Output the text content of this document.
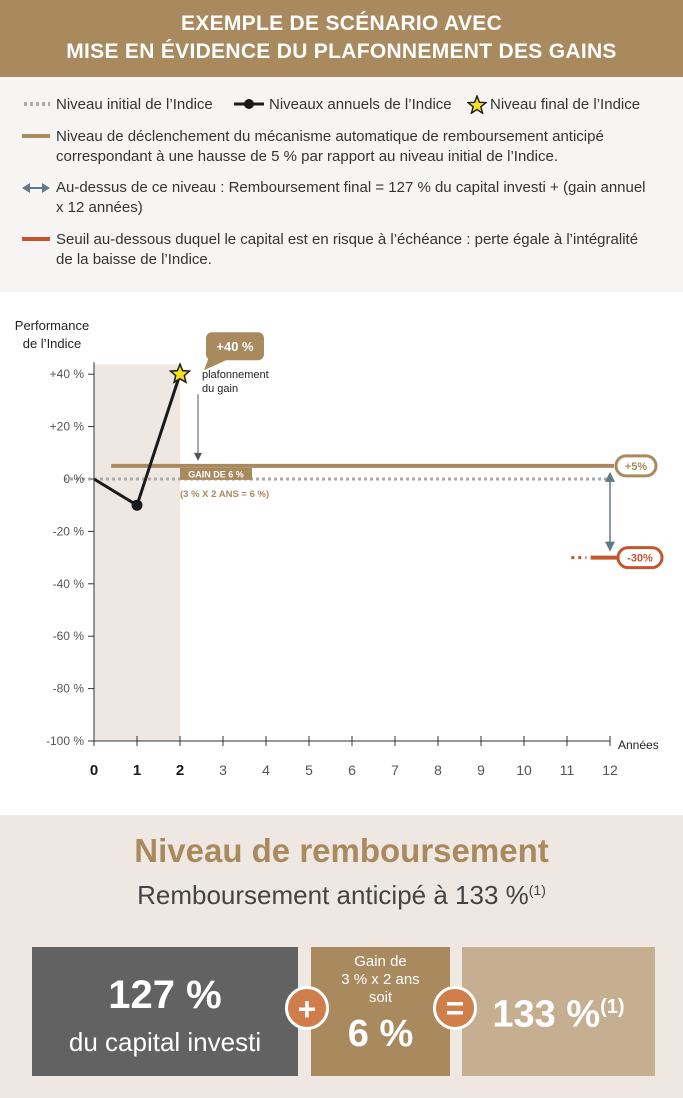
EXEMPLE DE SCÉNARIO AVEC
MISE EN ÉVIDENCE DU PLAFONNEMENT DES GAINS
Niveau initial de l’Indice	Niveaux annuels de l’Indice	Niveau final de l’Indice
Niveau de déclenchement du mécanisme automatique de remboursement anticipé
correspondant à une hausse de 5 % par rapport au niveau initial de l’Indice.
Au-dessus de ce niveau : Remboursement final = 127 % du capital investi + (gain annuel
x 12 années)
Seuil au-dessous duquel le capital est en risque à l’échéance : perte égale à l’intégralité
de la baisse de l’Indice.
Performance
de l’Indice
+40 %
+20 %
0 %
-20 %
-40 %
-60 %
-80 %
-100 %
0 1 2 3	4	5	6	7	8	9 10 11 12
Années
GAIN DE 6 %
(3 % X 2 ANS = 6 %)
+5%
-30%
plafonnement
du gain
+40 %
Niveau de remboursement
Remboursement anticipé à 133 %$^{(1)}$
127 %
du capital investi
Gain de
3 % x 2 ans
soit
6 %	133 %$^{(1)}$
+	=
